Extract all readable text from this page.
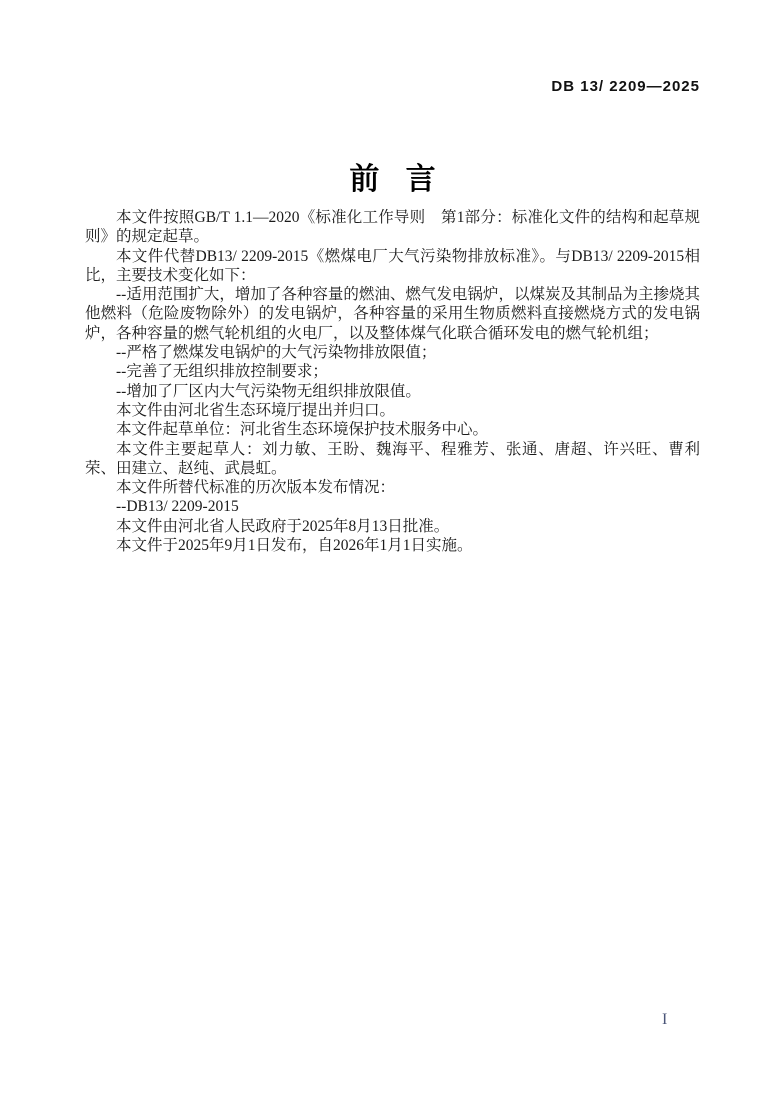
DB 13/ 2209—2025
前 言

本文件按照GB/T 1.1—2020《标准化工作导则　第1部分：标准化文件的结构和起草规则》的规定起草。

本文件代替DB13/ 2209-2015《燃煤电厂大气污染物排放标准》。与DB13/ 2209-2015相比，主要技术变化如下：

--适用范围扩大，增加了各种容量的燃油、燃气发电锅炉，以煤炭及其制品为主掺烧其他燃料（危险废物除外）的发电锅炉，各种容量的采用生物质燃料直接燃烧方式的发电锅炉，各种容量的燃气轮机组的火电厂，以及整体煤气化联合循环发电的燃气轮机组；

--严格了燃煤发电锅炉的大气污染物排放限值；

--完善了无组织排放控制要求；

--增加了厂区内大气污染物无组织排放限值。

本文件由河北省生态环境厅提出并归口。

本文件起草单位：河北省生态环境保护技术服务中心。

本文件主要起草人：刘力敏、王盼、魏海平、程雅芳、张通、唐超、许兴旺、曹利荣、田建立、赵纯、武晨虹。

本文件所替代标准的历次版本发布情况：

--DB13/ 2209-2015

本文件由河北省人民政府于2025年8月13日批准。

本文件于2025年9月1日发布，自2026年1月1日实施。

I
